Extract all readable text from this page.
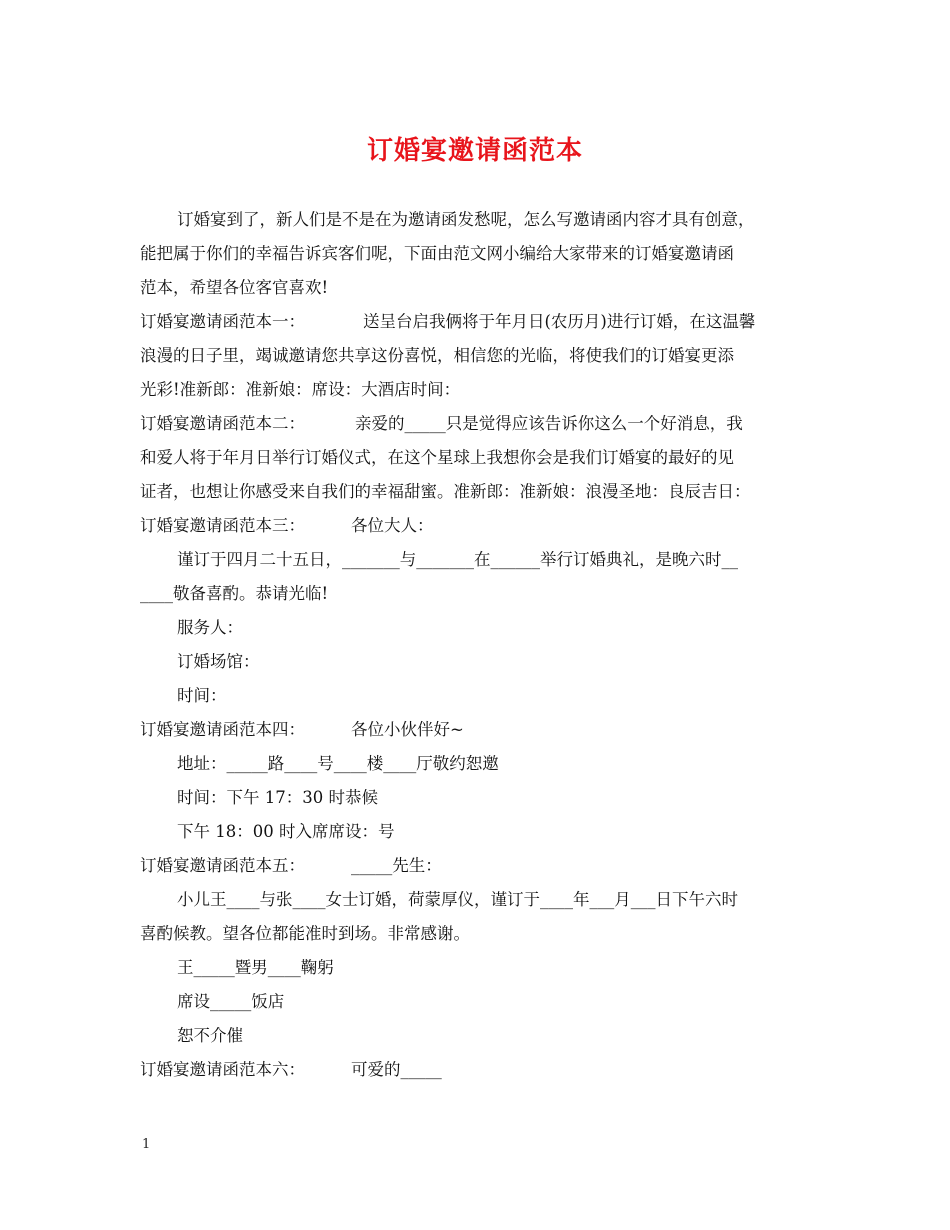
订婚宴邀请函范本
订婚宴到了，新人们是不是在为邀请函发愁呢，怎么写邀请函内容才具有创意，
能把属于你们的幸福告诉宾客们呢，下面由范文网小编给大家带来的订婚宴邀请函
范本，希望各位客官喜欢!
订婚宴邀请函范本一：	送呈台启我俩将于年月日(农历月)进行订婚，在这温馨
浪漫的日子里，竭诚邀请您共享这份喜悦，相信您的光临，将使我们的订婚宴更添
光彩!准新郎：准新娘：席设：大酒店时间：
订婚宴邀请函范本二：	亲爱的_____只是觉得应该告诉你这么一个好消息，我
和爱人将于年月日举行订婚仪式，在这个星球上我想你会是我们订婚宴的最好的见
证者，也想让你感受来自我们的幸福甜蜜。准新郎：准新娘：浪漫圣地：良辰吉日：
订婚宴邀请函范本三：	各位大人：
谨订于四月二十五日，_______与_______在______举行订婚典礼，是晚六时__
____敬备喜酌。恭请光临!
服务人：
订婚场馆：
时间：
订婚宴邀请函范本四：	各位小伙伴好~
地址：_____路____号____楼____厅敬约恕邀
时间：下午 17：30 时恭候
下午 18：00 时入席席设：号
订婚宴邀请函范本五：	_____先生：
小儿王____与张____女士订婚，荷蒙厚仪，谨订于____年___月___日下午六时
喜酌候教。望各位都能准时到场。非常感谢。
王_____暨男____鞠躬
席设_____饭店
恕不介催
订婚宴邀请函范本六：	可爱的_____
1
